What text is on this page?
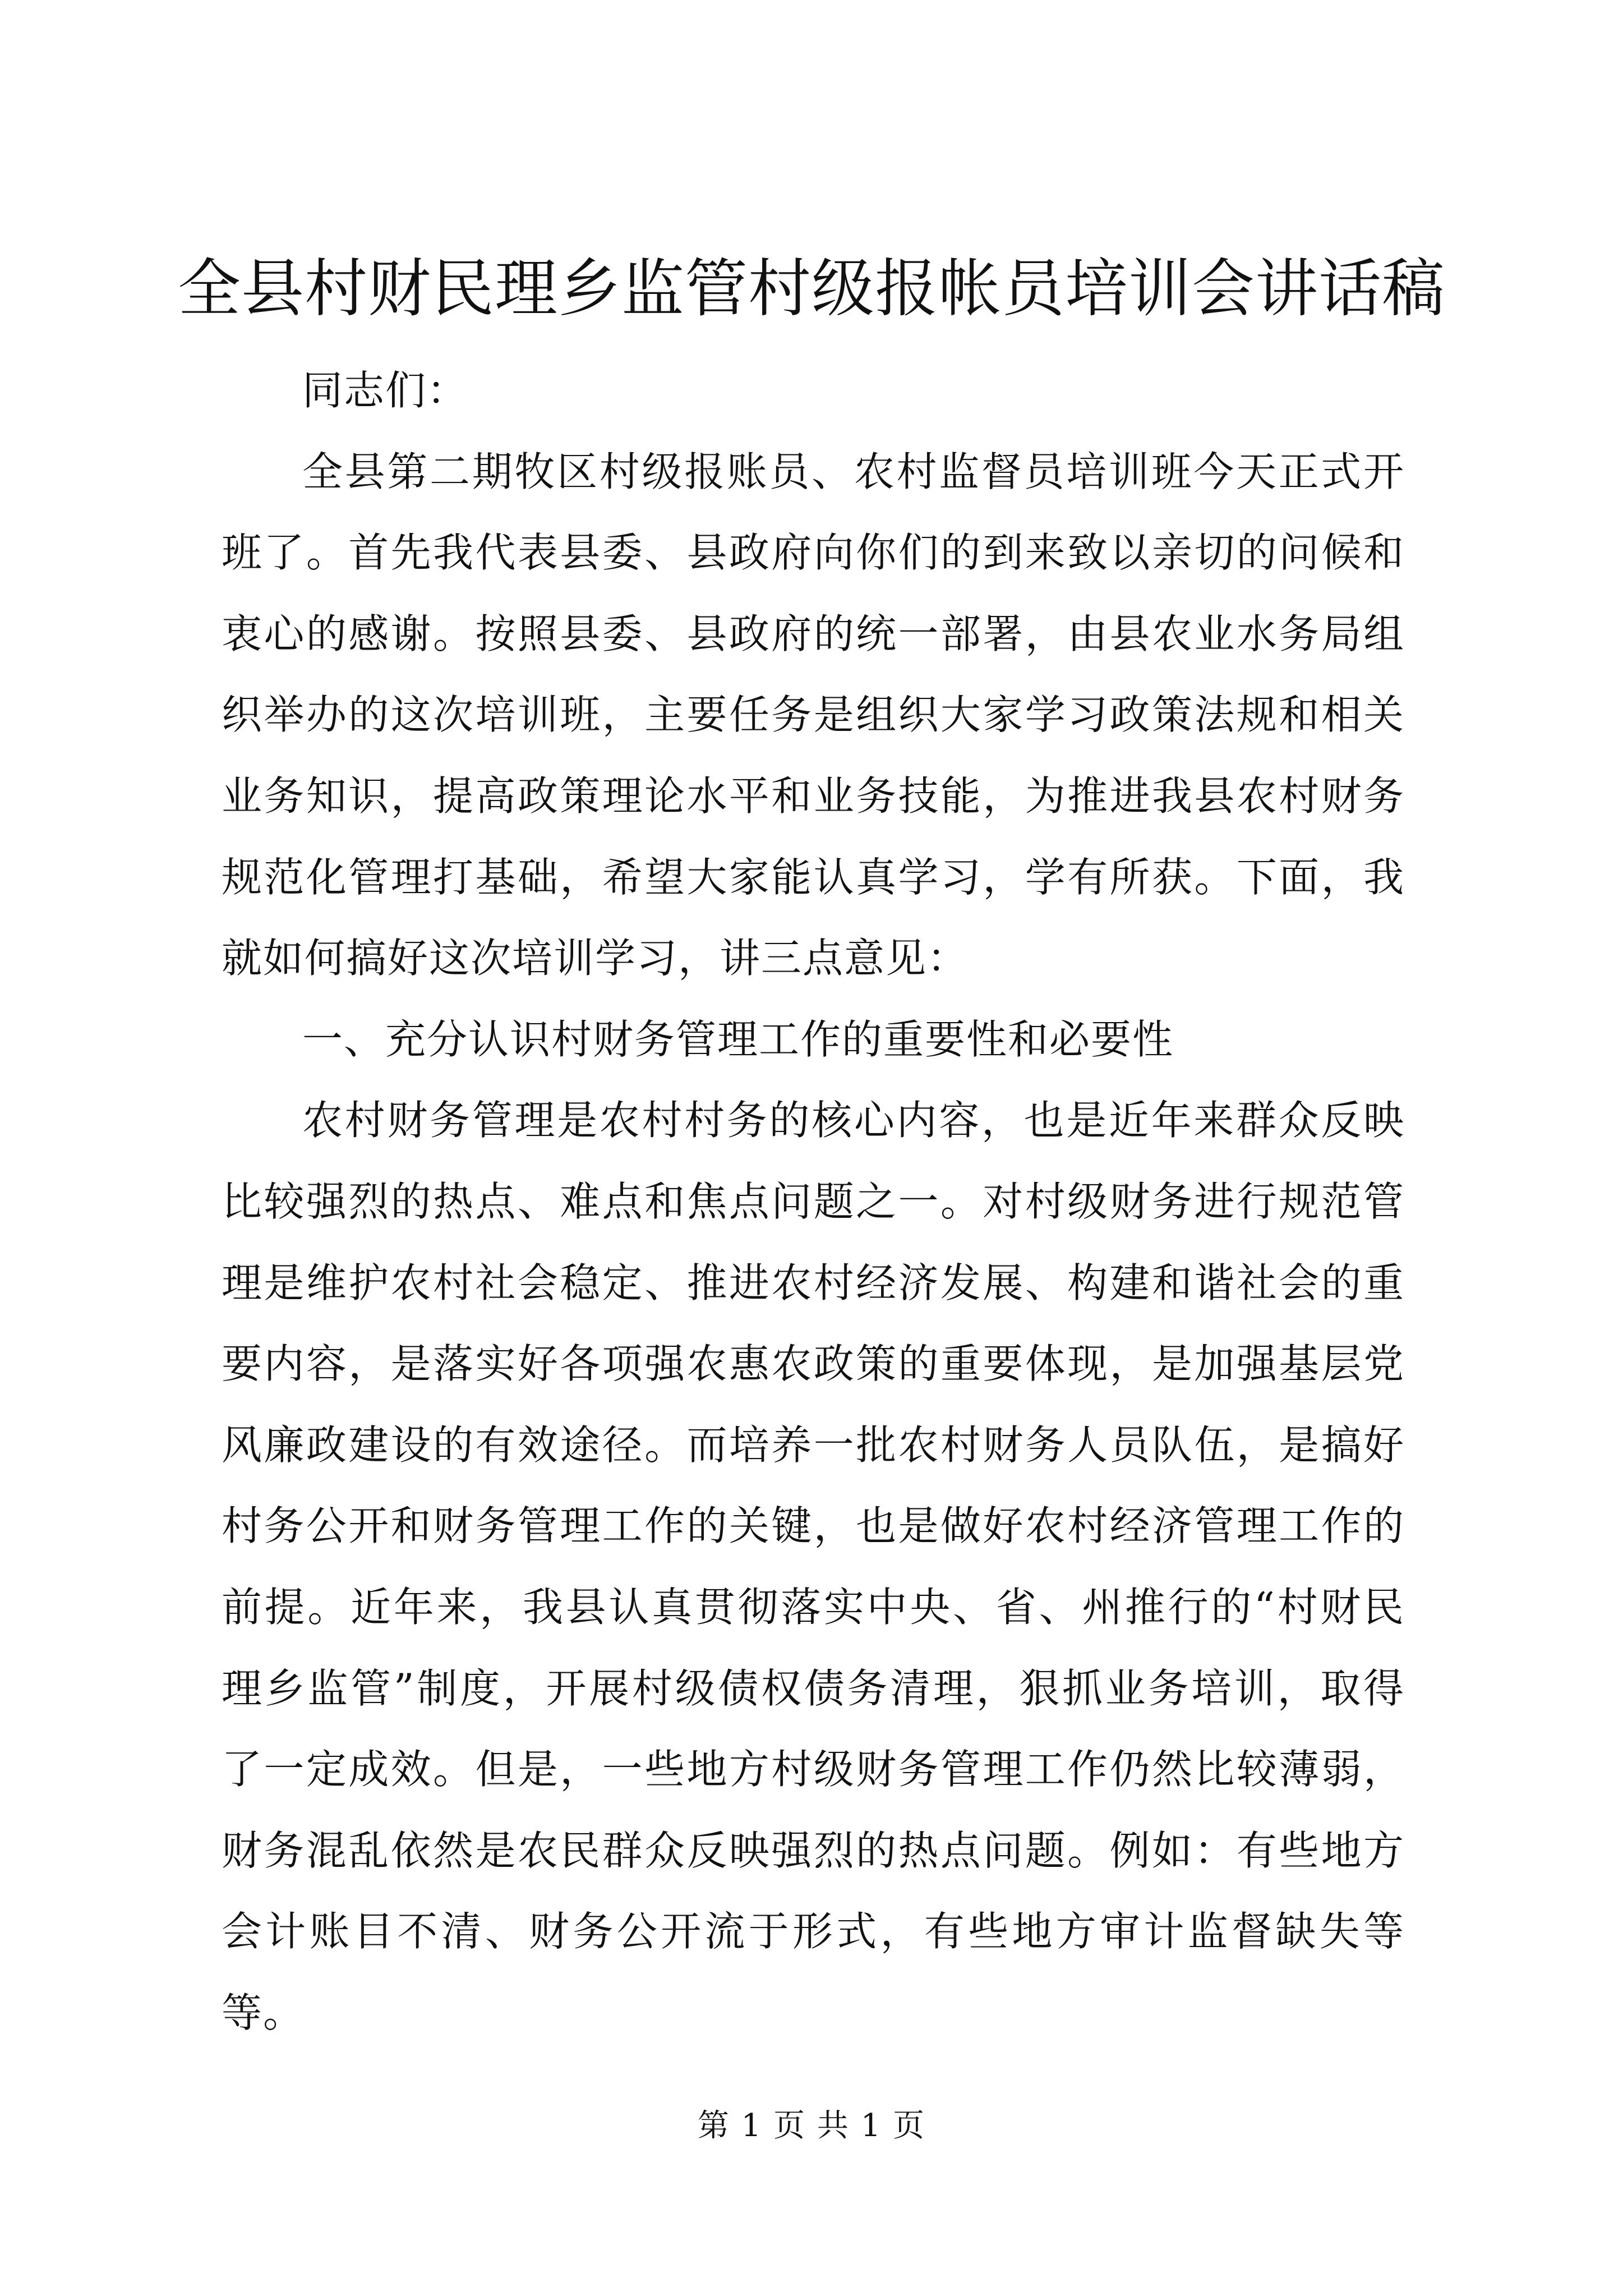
全县村财民理乡监管村级报帐员培训会讲话稿

同志们：

全县第二期牧区村级报账员、农村监督员培训班今天正式开班了。首先我代表县委、县政府向你们的到来致以亲切的问候和衷心的感谢。按照县委、县政府的统一部署，由县农业水务局组织举办的这次培训班，主要任务是组织大家学习政策法规和相关业务知识，提高政策理论水平和业务技能，为推进我县农村财务规范化管理打基础，希望大家能认真学习，学有所获。下面，我就如何搞好这次培训学习，讲三点意见：

一、充分认识村财务管理工作的重要性和必要性

农村财务管理是农村村务的核心内容，也是近年来群众反映比较强烈的热点、难点和焦点问题之一。对村级财务进行规范管理是维护农村社会稳定、推进农村经济发展、构建和谐社会的重要内容，是落实好各项强农惠农政策的重要体现，是加强基层党风廉政建设的有效途径。而培养一批农村财务人员队伍，是搞好村务公开和财务管理工作的关键，也是做好农村经济管理工作的前提。近年来，我县认真贯彻落实中央、省、州推行的“村财民理乡监管”制度，开展村级债权债务清理，狠抓业务培训，取得了一定成效。但是，一些地方村级财务管理工作仍然比较薄弱，财务混乱依然是农民群众反映强烈的热点问题。例如：有些地方会计账目不清、财务公开流于形式，有些地方审计监督缺失等等。

第 1 页 共 1 页
